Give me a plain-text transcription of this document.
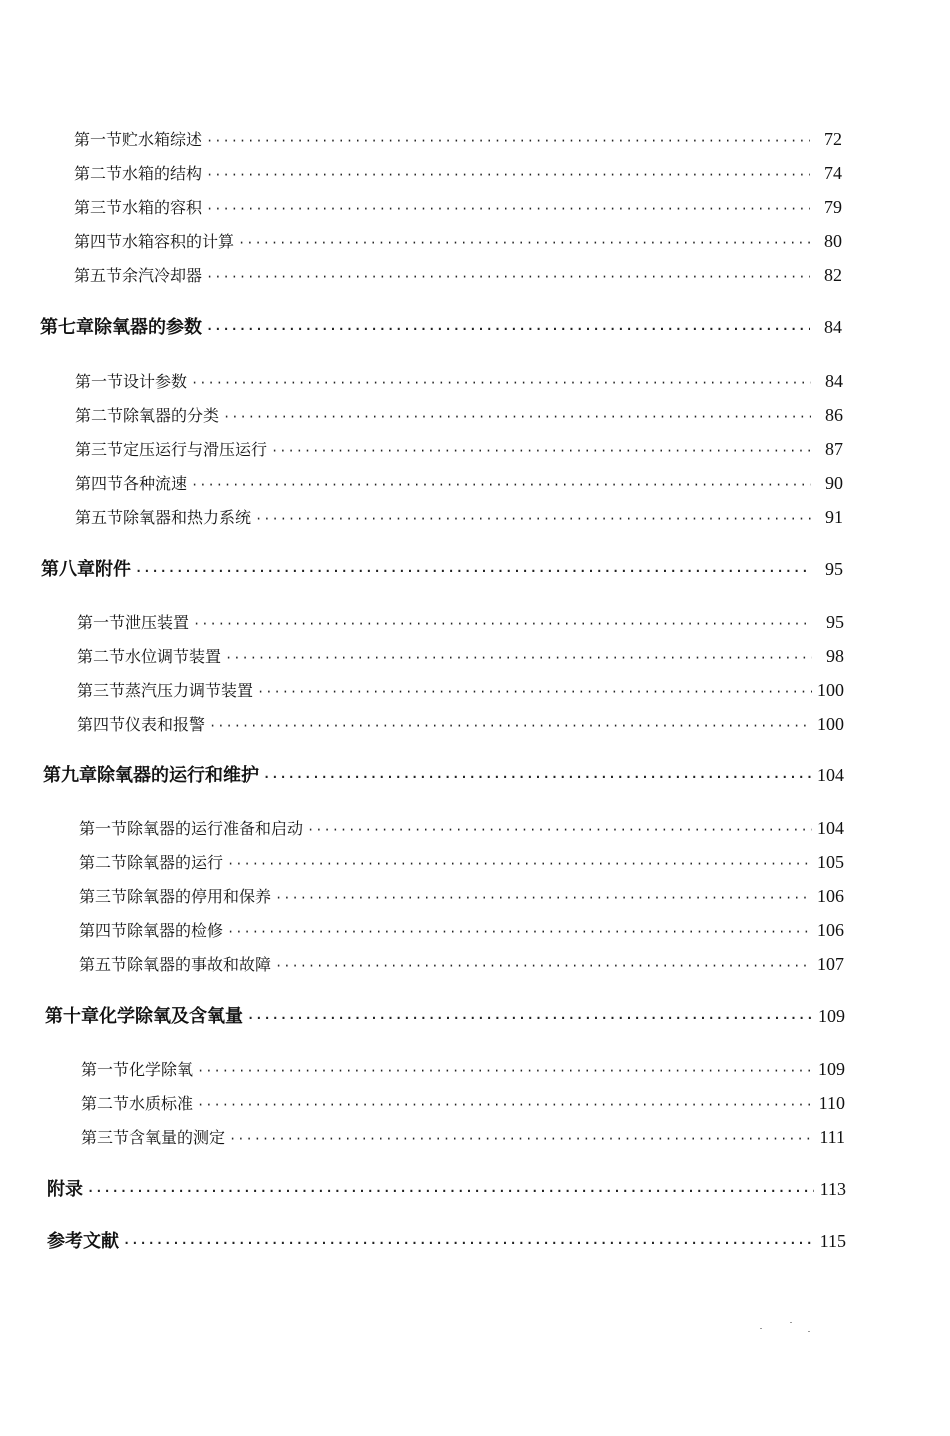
第一节 贮水箱综述 ·····	72
第二节 水箱的结构 ·····	74
第三节 水箱的容积 ·····	79
第四节 水箱容积的计算 ·····	80
第五节 余汽冷却器 ·····	82
第七章 除氧器的参数 ·····	84
第一节 设计参数 ·····	84
第二节 除氧器的分类 ·····	86
第三节 定压运行与滑压运行 ·····	87
第四节 各种流速 ·····	90
第五节 除氧器和热力系统 ·····	91
第八章 附件 ·····	95
第一节 泄压装置 ·····	95
第二节 水位调节装置 ·····	98
第三节 蒸汽压力调节装置 ·····	100
第四节 仪表和报警 ·····	100
第九章 除氧器的运行和维护 ·····	104
第一节 除氧器的运行准备和启动 ·····	104
第二节 除氧器的运行 ·····	105
第三节 除氧器的停用和保养 ·····	106
第四节 除氧器的检修 ·····	106
第五节 除氧器的事故和故障 ·····	107
第十章 化学除氧及含氧量 ·····	109
第一节 化学除氧 ·····	109
第二节 水质标准 ·····	110
第三节 含氧量的测定 ·····	111
附录 ·····	113
参考文献 ·····	115
